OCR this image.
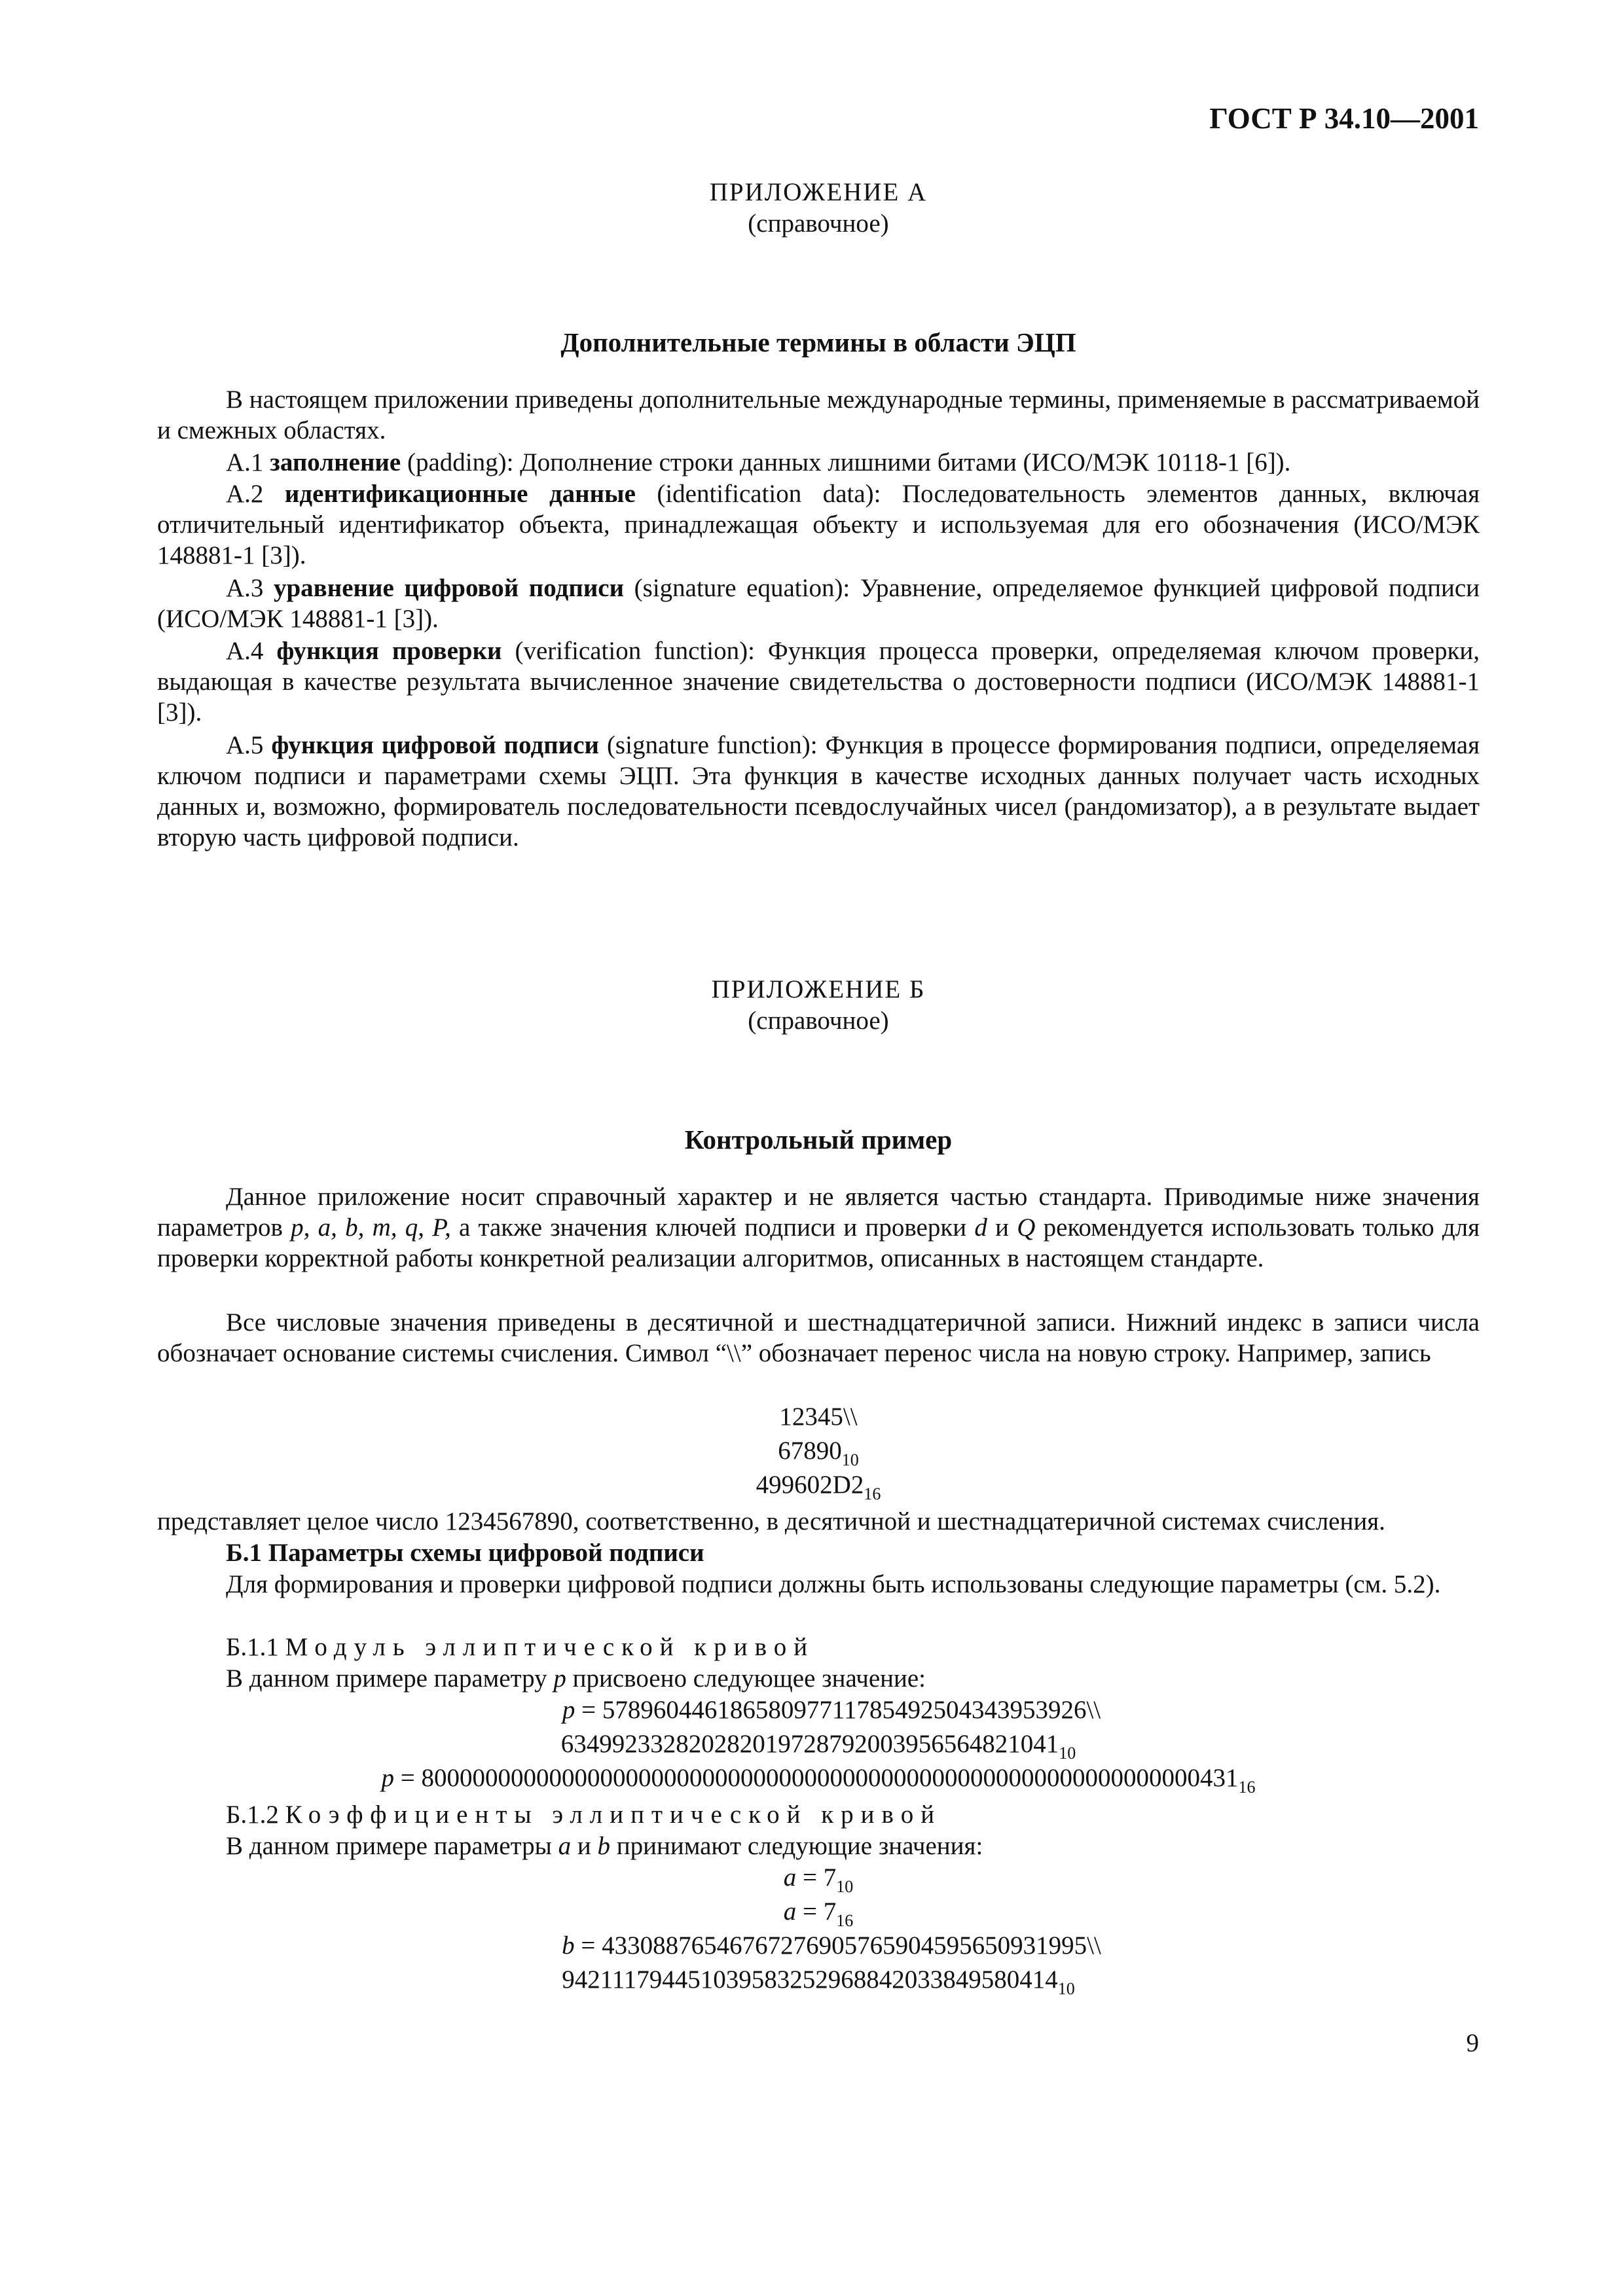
ГОСТ Р 34.10—2001
ПРИЛОЖЕНИЕ А
(справочное)
Дополнительные термины в области ЭЦП
В настоящем приложении приведены дополнительные международные термины, применяемые в рассматриваемой и смежных областях.
А.1 заполнение (padding): Дополнение строки данных лишними битами (ИСО/МЭК 10118-1 [6]).
А.2 идентификационные данные (identification data): Последовательность элементов данных, включая отличительный идентификатор объекта, принадлежащая объекту и используемая для его обозначения (ИСО/МЭК 148881-1 [3]).
А.3 уравнение цифровой подписи (signature equation): Уравнение, определяемое функцией цифровой подписи (ИСО/МЭК 148881-1 [3]).
А.4 функция проверки (verification function): Функция процесса проверки, определяемая ключом проверки, выдающая в качестве результата вычисленное значение свидетельства о достоверности подписи (ИСО/МЭК 148881-1 [3]).
А.5 функция цифровой подписи (signature function): Функция в процессе формирования подписи, определяемая ключом подписи и параметрами схемы ЭЦП. Эта функция в качестве исходных данных получает часть исходных данных и, возможно, формирователь последовательности псевдослучайных чисел (рандомизатор), а в результате выдает вторую часть цифровой подписи.
ПРИЛОЖЕНИЕ Б
(справочное)
Контрольный пример
Данное приложение носит справочный характер и не является частью стандарта. Приводимые ниже значения параметров p, a, b, m, q, P, а также значения ключей подписи и проверки d и Q рекомендуется использовать только для проверки корректной работы конкретной реализации алгоритмов, описанных в настоящем стандарте.
Все числовые значения приведены в десятичной и шестнадцатеричной записи. Нижний индекс в записи числа обозначает основание системы счисления. Символ “\\” обозначает перенос числа на новую строку. Например, запись
12345\\
$67890_{10}$
$499602D2_{16}$
представляет целое число 1234567890, соответственно, в десятичной и шестнадцатеричной системах счисления.
Б.1 Параметры схемы цифровой подписи
Для формирования и проверки цифровой подписи должны быть использованы следующие параметры (см. 5.2).
Б.1.1 Модуль эллиптической кривой
В данном примере параметру p присвоено следующее значение:
p = 57896044618658097711785492504343953926\\
$634992332820282019728792003956564821041_{10}$
$p = 8000000000000000000000000000000000000000000000000000000000000431_{16}$
Б.1.2 Коэффициенты эллиптической кривой
В данном примере параметры a и b принимают следующие значения:
$a = 7_{10}$
$a = 7_{16}$
b = 43308876546767276905765904595650931995\\
$942111794451039583252968842033849580414_{10}$
9
